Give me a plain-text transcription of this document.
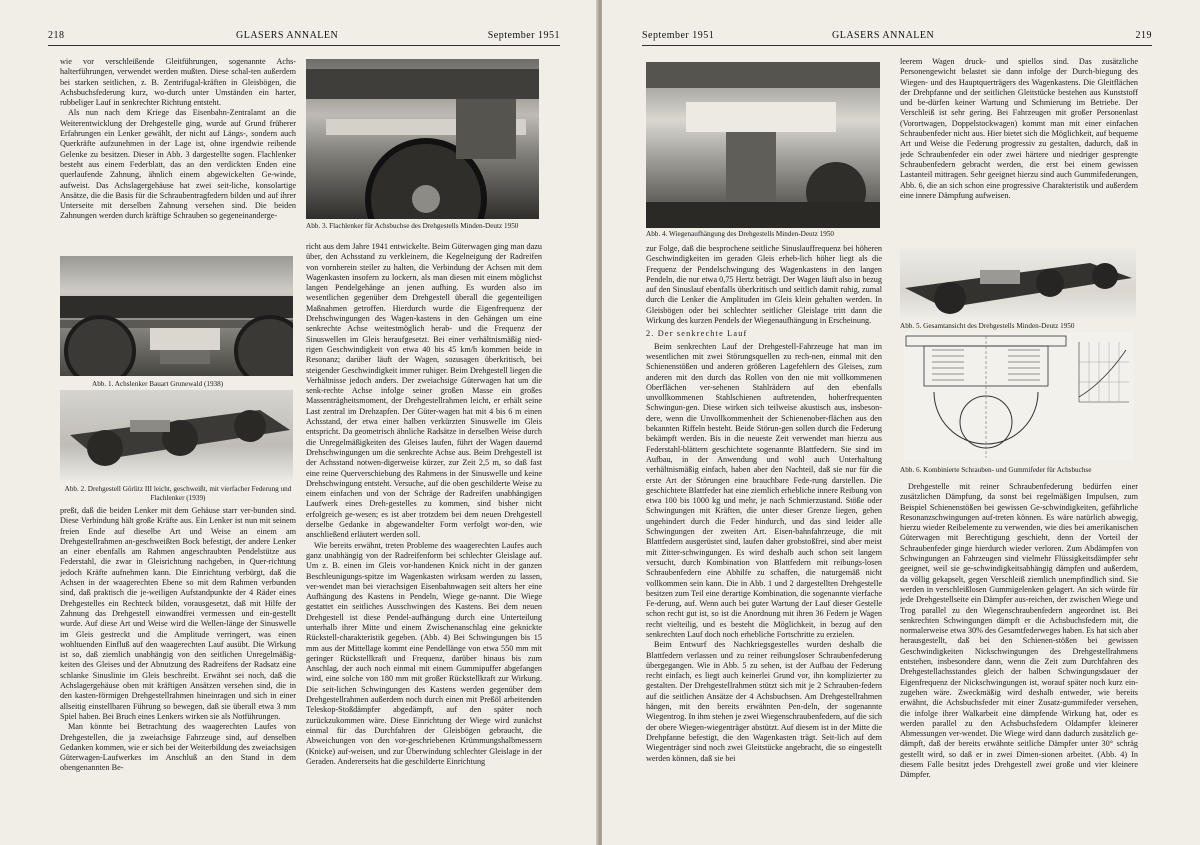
218	GLASERS ANNALEN	September 1951

wie vor verschleißende Gleitführungen, sogenannte Achs-halterführungen, verwendet werden mußten. Diese schal-ten außerdem bei starken seitlichen, z. B. Zentrifugal-kräften in Gleisbögen, die Achsbuchsfederung kurz, wo-durch unter Umständen ein harter, rubbeliger Lauf in senkrechter Richtung entsteht.

Als nun nach dem Kriege das Eisenbahn-Zentralamt an die Weiterentwicklung der Drehgestelle ging, wurde auf Grund früherer Erfahrungen ein Lenker gewählt, der nicht auf Längs-, sondern auch Querkräfte aufzunehmen in der Lage ist, ohne irgendwie reibende Gelenke zu besitzen. Dieser in Abb. 3 dargestellte sogen. Flachlenker besteht aus einem Federblatt, das an den verdickten Enden eine querlaufende Zahnung, ähnlich einem abgewickelten Ge-winde, aufweist. Das Achslagergehäuse hat zwei seit-liche, konsolartige Ansätze, die die Basis für die Schraubentragfedern bilden und auf ihrer Unterseite mit derselben Zahnung versehen sind. Die beiden Zahnungen werden durch kräftige Schrauben so gegeneinanderge-

Abb. 1. Achslenker Bauart Grunewald (1938)
Abb. 2. Drehgestell Görlitz III leicht, geschweißt, mit vierfacher Federung und Flachlenker (1939)

preßt, daß die beiden Lenker mit dem Gehäuse starr ver-bunden sind. Diese Verbindung hält große Kräfte aus. Ein Lenker ist nun mit seinem freien Ende auf dieselbe Art und Weise an einem am Drehgestellrahmen an-geschweißten Bock befestigt, der andere Lenker an einer ebenfalls am Rahmen angeschraubten Pendelstütze aus Federstahl, die zwar in Gleisrichtung nachgeben, in Quer-richtung jedoch Kräfte aufnehmen kann. Die Einrichtung verbürgt, daß die Achsen in der waagerechten Ebene so mit dem Rahmen verbunden sind, daß praktisch die je-weiligen Aufstandpunkte der 4 Räder eines Drehgestelles ein Rechteck bilden, vorausgesetzt, daß mit Hilfe der Zahnung das Drehgestell einwandfrei vermessen und ein-gestellt wurde. Auf diese Art und Weise wird die Wellen-länge der Sinuswelle im Gleis gestreckt und die Amplitude verringert, was einen wohltuenden Einfluß auf den waagerechten Lauf ausübt. Die Wirkung ist so, daß ziemlich unabhängig von den seitlichen Unregelmäßig-keiten des Gleises und der Abnutzung des Radreifens der Radsatz eine schlanke Sinuslinie im Gleis beschreibt. Erwähnt sei noch, daß die Achslagergehäuse oben mit kräftigen Ansätzen versehen sind, die in den kasten-förmigen Drehgestellrahmen hineinragen und sich in einer allseitig einstellbaren Führung so bewegen, daß sie überall etwa 3 mm Spiel haben. Bei Bruch eines Lenkers wirken sie als Notführungen.

Man könnte bei Betrachtung des waagerechten Laufes von Drehgestellen, die ja zweiachsige Fahrzeuge sind, auf denselben Gedanken kommen, wie er sich bei der Weiterbildung des zweiachsigen Güterwagen-Laufwerkes im Anschluß an den Stand in dem obengenannten Be-

Abb. 3. Flachlenker für Achsbuchse des Drehgestells Minden-Deutz 1950

richt aus dem Jahre 1941 entwickelte. Beim Güterwagen ging man dazu über, den Achsstand zu verkleinern, die Kegelneigung der Radreifen von vornherein steiler zu halten, die Verbindung der Achsen mit dem Wagenkasten insofern zu lockern, als man diesen mit einem möglichst langen Pendelgehänge an jenen aufhing. Es wurden also im wesentlichen gegenüber dem Drehgestell überall die gegenteiligen Maßnahmen getroffen. Hierdurch wurde die Eigenfrequenz der Drehschwingungen des Wagen-kastens in den Gehängen um eine senkrechte Achse weitestmöglich herab- und die Frequenz der Sinuswellen im Gleis heraufgesetzt. Bei einer verhältnismäßig nied-rigen Geschwindigkeit von etwa 40 bis 45 km/h kommen beide in Resonanz; darüber läuft der Wagen, sozusagen überkritisch, bei steigender Geschwindigkeit immer ruhiger. Beim Drehgestell liegen die Verhältnisse jedoch anders. Der zweiachsige Güterwagen hat um die senk-rechte Achse infolge seiner großen Masse ein großes Massenträgheitsmoment, der Drehgestellrahmen leicht, er erhält seine Last zentral im Drehzapfen. Der Güter-wagen hat mit 4 bis 6 m einen Achsstand, der etwa einer halben verkürzten Sinuswelle im Gleis entspricht. Da geometrisch ähnliche Radsätze in derselben Weise durch die Unregelmäßigkeiten des Gleises laufen, führt der Wagen dauernd Drehschwingungen um die senkrechte Achse aus. Beim Drehgestell ist der Achsstand notwen-digerweise kürzer, zur Zeit 2,5 m, so daß fast eine reine Querverschiebung des Rahmens in der Sinuswelle und keine Drehschwingung entsteht. Versuche, auf die oben geschilderte Weise zu einem einfachen und von der Schräge der Radreifen unabhängigen Laufwerk eines Dreh-gestelles zu kommen, sind bisher nicht erfolgreich ge-wesen; es ist aber trotzdem bei dem neuen Drehgestell derselbe Gedanke in abgewandelter Form verfolgt wor-den, wie anschließend erläutert werden soll.

Wie bereits erwähnt, treten Probleme des waagerechten Laufes auch ganz unabhängig von der Radreifenform bei schlechter Gleislage auf. Um z. B. einen im Gleis vor-handenen Knick nicht in der ganzen Beschleunigungs-spitze im Wagenkasten wirksam werden zu lassen, ver-wendet man bei vierachsigen Eisenbahnwagen seit alters her eine Aufhängung des Kastens in Pendeln, Wiege ge-nannt. Die Wiege gestattet ein seitliches Ausschwingen des Kastens. Bei dem neuen Drehgestell ist diese Pendel-aufhängung durch eine Unterteilung unterhalb ihrer Mitte und einem Zwischenanschlag eine geknickte Rückstell-charakteristik gegeben. (Abb. 4) Bei Schwingungen bis 15 mm aus der Mittellage kommt eine Pendellänge von etwa 550 mm mit geringer Rückstellkraft und Frequenz, darüber hinaus bis zum Anschlag, der auch noch einmal mit einem Gummipuffer abgefangen wird, eine solche von 180 mm mit großer Rückstellkraft zur Wirkung. Die seit-lichen Schwingungen des Kastens werden gegenüber dem Drehgestellrahmen außerdem noch durch einen mit Preßöl arbeitenden Teleskop-Stoßdämpfer abgedämpft, auf den später noch zurückzukommen wäre. Diese Einrichtung der Wiege wird zunächst einmal für das Durchfahren der Gleisbögen gebraucht, die Abweichungen von den vor-geschriebenen Krümmungshalbmessern (Knicke) auf-weisen, und zur Überwindung schlechter Gleislage in der Geraden. Andererseits hat die geschilderte Einrichtung

September 1951	GLASERS ANNALEN	219
Abb. 4. Wiegenaufhängung des Drehgestells Minden-Deutz 1950

zur Folge, daß die besprochene seitliche Sinuslauffrequenz bei höheren Geschwindigkeiten im geraden Gleis erheb-lich höher liegt als die Frequenz der Pendelschwingung des Wagenkastens in den langen Pendeln, die nur etwa 0,75 Hertz beträgt. Der Wagen läuft also in bezug auf den Sinuslauf ebenfalls überkritisch und seitlich damit ruhig, zumal durch die Lenker die Amplituden im Gleis klein gehalten werden. In Gleisbögen oder bei schlechter seitlicher Gleislage tritt dann die Wirkung des kurzen Pendels der Wiegenaufhängung in Erscheinung.

2. Der senkrechte Lauf

Beim senkrechten Lauf der Drehgestell-Fahrzeuge hat man im wesentlichen mit zwei Störungsquellen zu rech-nen, einmal mit den Schienenstößen und anderen größeren Lagefehlern des Gleises, zum anderen mit den durch das Rollen von den nie mit vollkommenen Oberflächen ver-sehenen Stahlrädern auf den ebenfalls unvollkommenen Stahlschienen auftretenden, hoherfrequenten Schwingun-gen. Diese wirken sich teilweise akustisch aus, insbeson-dere, wenn die Unvollkommenheit der Schienenober-flächen aus den bekannten Riffeln besteht. Beide Störun-gen sollen durch die Federung bekämpft werden. Bis in die neueste Zeit verwendet man hierzu aus Federstahl-blättern geschichtete sogenannte Blattfedern. Sie sind im Aufbau, in der Anwendung und wohl auch Unterhaltung verhältnismäßig einfach, haben aber den Nachteil, daß sie nur für die erste Art der Störungen eine brauchbare Fede-rung darstellen. Die geschichtete Blattfeder hat eine ziemlich erhebliche innere Reibung von etwa 100 bis 1000 kg und mehr, je nach Schmierzustand. Stöße oder Schwingungen mit Kräften, die unter dieser Grenze liegen, gehen ungehindert durch die Feder hindurch, und das sind leider alle Schwingungen der zweiten Art. Eisen-bahnfahrzeuge, die mit Blattfedern ausgerüstet sind, laufen daher grobstoßfrei, sind aber meist mit Zitter-schwingungen. Es wird deshalb auch schon seit langem versucht, durch Kombination von Blattfedern mit reibungs-losen Schraubenfedern eine Abhilfe zu schaffen, die naturgemäß nicht vollkommen sein kann. Die in Abb. 1 und 2 dargestellten Drehgestelle besitzen zum Teil eine derartige Kombination, die sogenannte vierfache Fe-derung, auf. Wenn auch bei guter Wartung der Lauf dieser Gestelle schon recht gut ist, so ist die Anordnung mit ihren 36 Federn je Wagen recht vielteilig, und es besteht die Möglichkeit, in bezug auf den senkrechten Lauf doch noch erhebliche Fortschritte zu erzielen.

Beim Entwurf des Nachkriegsgestelles wurden deshalb die Blattfedern verlassen und zu reiner reibungsloser Schraubenfederung übergegangen. Wie in Abb. 5 zu sehen, ist der Aufbau der Federung recht einfach, es liegt auch keinerlei Grund vor, ihn komplizierter zu gestalten. Der Drehgestellrahmen stützt sich mit je 2 Schrauben-federn auf die seitlichen Ansätze der 4 Achsbuchsen. Am Drehgestellrahmen hängen, mit den bereits erwähnten Pen-deln, der sogenannte Wiegentrog. In ihm stehen je zwei Wiegenschraubenfedern, auf die sich der obere Wiegen-wiegenträger abstützt. Auf diesem ist in der Mitte die Drehpfanne befestigt, die den Wagenkasten trägt. Seit-lich auf dem Wiegenträger sind noch zwei Gleitstücke angebracht, die so eingestellt werden können, daß sie bei

leerem Wagen druck- und spiellos sind. Das zusätzliche Personengewicht belastet sie dann infolge der Durch-biegung des Wiegen- und des Hauptquerträgers des Wagenkastens. Die Gleitflächen der Drehpfanne und der seitlichen Gleitstücke bestehen aus Kunststoff und be-dürfen keiner Wartung und Schmierung im Betriebe. Der Verschleiß ist sehr gering. Bei Fahrzeugen mit großer Personenlast (Vorortwagen, Doppelstockwagen) kommt man mit einer einfachen Schraubenfeder nicht aus. Hier bietet sich die Möglichkeit, auf bequeme Art und Weise die Federung progressiv zu gestalten, dadurch, daß in jede Schraubenfeder ein oder zwei härtere und niedriger gesprengte Schraubenfedern gebracht werden, die erst bei einem gewissen Lastanteil mittragen. Sehr geeignet hierzu sind auch Gummifederungen, Abb. 6, die an sich schon eine progressive Charakteristik und außerdem eine innere Dämpfung aufweisen.

Abb. 5. Gesamtansicht des Drehgestells Minden-Deutz 1950
Abb. 6. Kombinierte Schrauben- und Gummifeder für Achsbuchse

Drehgestelle mit reiner Schraubenfederung bedürfen einer zusätzlichen Dämpfung, da sonst bei regelmäßigen Impulsen, zum Beispiel Schienenstößen bei gewissen Ge-schwindigkeiten, gefährliche Resonanzschwingungen auf-treten können. Es wäre natürlich abwegig, hierzu wieder Reibelemente zu verwenden, wie dies bei amerikanischen Güterwagen mit Berechtigung geschieht, denn der Vorteil der Schraubenfeder ginge hierdurch wieder verloren. Zum Abdämpfen von Schwingungen an Fahrzeugen sind vielmehr Flüssigkeitsdämpfer sehr geeignet, weil sie ge-schwindigkeitsabhängig dämpfen und außerdem, da völlig gekapselt, gegen Verschleiß ziemlich unempfindlich sind. Sie werden in verschleißlosen Gummigelenken gelagert. An sich würde für jede Drehgestellseite ein Dämpfer aus-reichen, der zwischen Wiege und Trog parallel zu den Wiegenschraubenfedern angeordnet ist. Bei senkrechten Schwingungen dämpft er die Achsbuchsfedern mit, die normalerweise etwa 30% des Gesamtfederweges haben. Es hat sich aber herausgestellt, daß bei den Schienen-stößen bei gewissen Geschwindigkeiten Nickschwingungen des Drehgestellrahmens entstehen, insbesondere dann, wenn die Zeit zum Durchfahren des Drehgestellachsstandes gleich der halben Schwingungsdauer der Eigenfrequenz der Nickschwingungen ist, worauf später noch kurz ein-zugehen wäre. Zweckmäßig wird deshalb entweder, wie bereits erwähnt, die Achsbuchsfeder mit einer Zusatz-gummifeder versehen, die infolge ihrer Walkarbeit eine dämpfende Wirkung hat, oder es werden parallel zu den Achsbuchsfedern Oldampfer kleinerer Abmessungen ver-wendet. Die Wiege wird dann dadurch zusätzlich ge-dämpft, daß der bereits erwähnte seitliche Dämpfer unter 30° schräg gestellt wird, so daß er in zwei Dimen-sionen arbeitet. (Abb. 4) In diesem Falle besitzt jedes Drehgestell zwei große und vier kleinere Dämpfer.
